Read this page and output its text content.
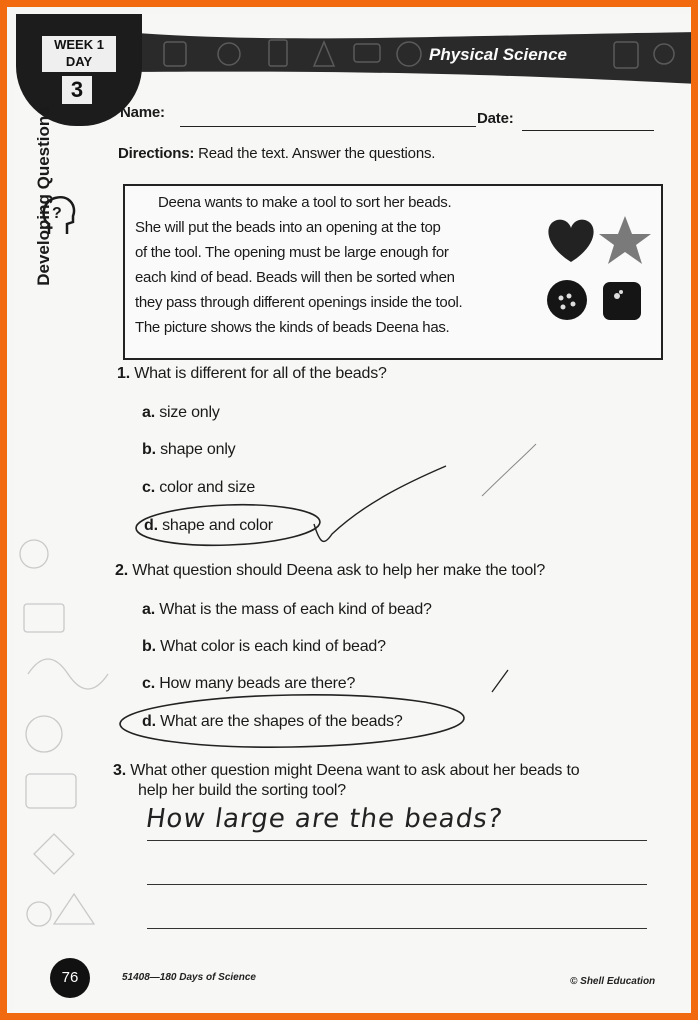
Physical Science
WEEK 1
DAY
3
?
Developing Questions	Name:	Date:
Directions: Read the text. Answer the questions.
Deena wants to make a tool to sort her beads.
She will put the beads into an opening at the top
of the tool. The opening must be large enough for
each kind of bead. Beads will then be sorted when
they pass through different openings inside the tool.
The picture shows the kinds of beads Deena has.
1. What is different for all of the beads?
a. size only
b. shape only
c. color and size
d. shape and color
2. What question should Deena ask to help her make the tool?
a. What is the mass of each kind of bead?
b. What color is each kind of bead?
c. How many beads are there?
d. What are the shapes of the beads?
3. What other question might Deena want to ask about her beads to
help her build the sorting tool?
How large are the beads?
76	51408—180 Days of Science	© Shell Education
